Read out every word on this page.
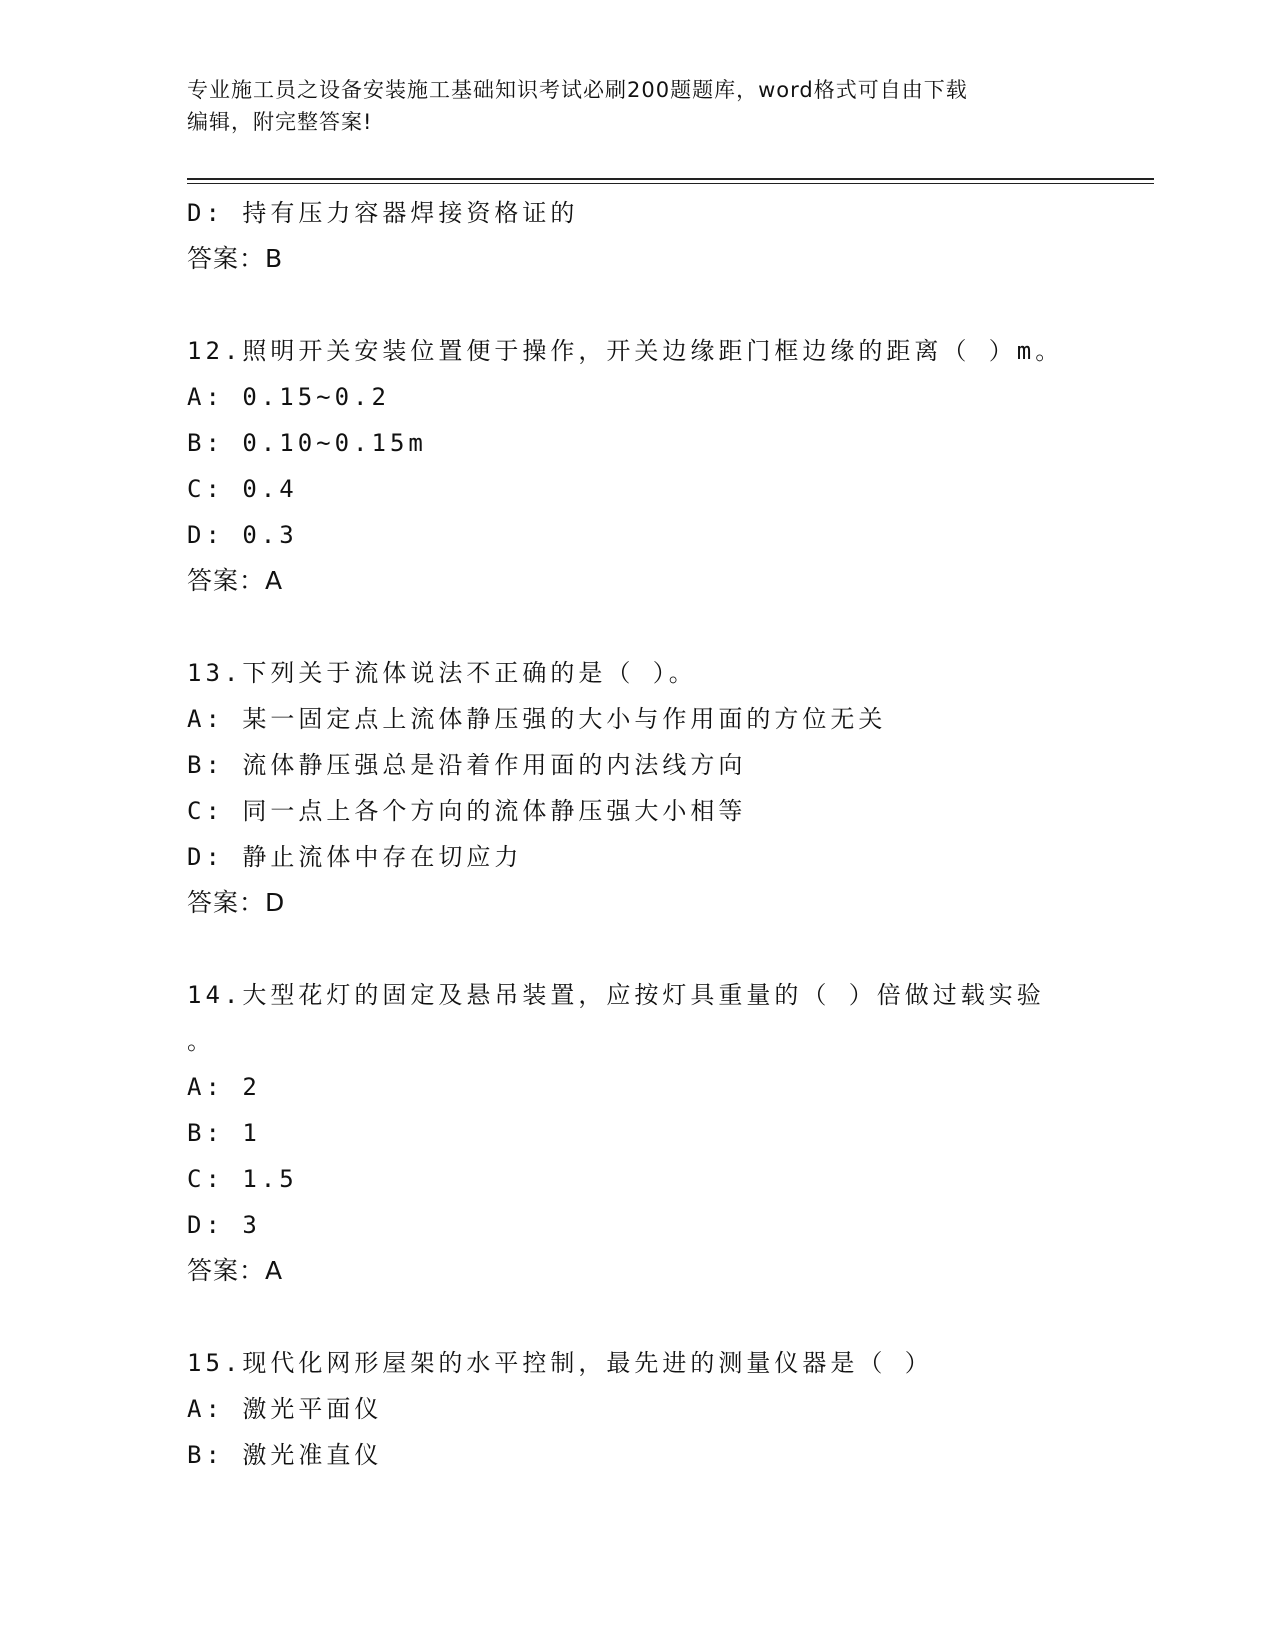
专业施工员之设备安装施工基础知识考试必刷200题题库，word格式可自由下载
编辑，附完整答案!
D: 持有压力容器焊接资格证的
答案：B
12.照明开关安装位置便于操作，开关边缘距门框边缘的距离（ ）m。
A: 0.15~0.2
B: 0.10~0.15m
C: 0.4
D: 0.3
答案：A
13.下列关于流体说法不正确的是（ ）。
A: 某一固定点上流体静压强的大小与作用面的方位无关
B: 流体静压强总是沿着作用面的内法线方向
C: 同一点上各个方向的流体静压强大小相等
D: 静止流体中存在切应力
答案：D
14.大型花灯的固定及悬吊装置，应按灯具重量的（ ）倍做过载实验
。
A: 2
B: 1
C: 1.5
D: 3
答案：A
15.现代化网形屋架的水平控制，最先进的测量仪器是（ ）
A: 激光平面仪
B: 激光准直仪
